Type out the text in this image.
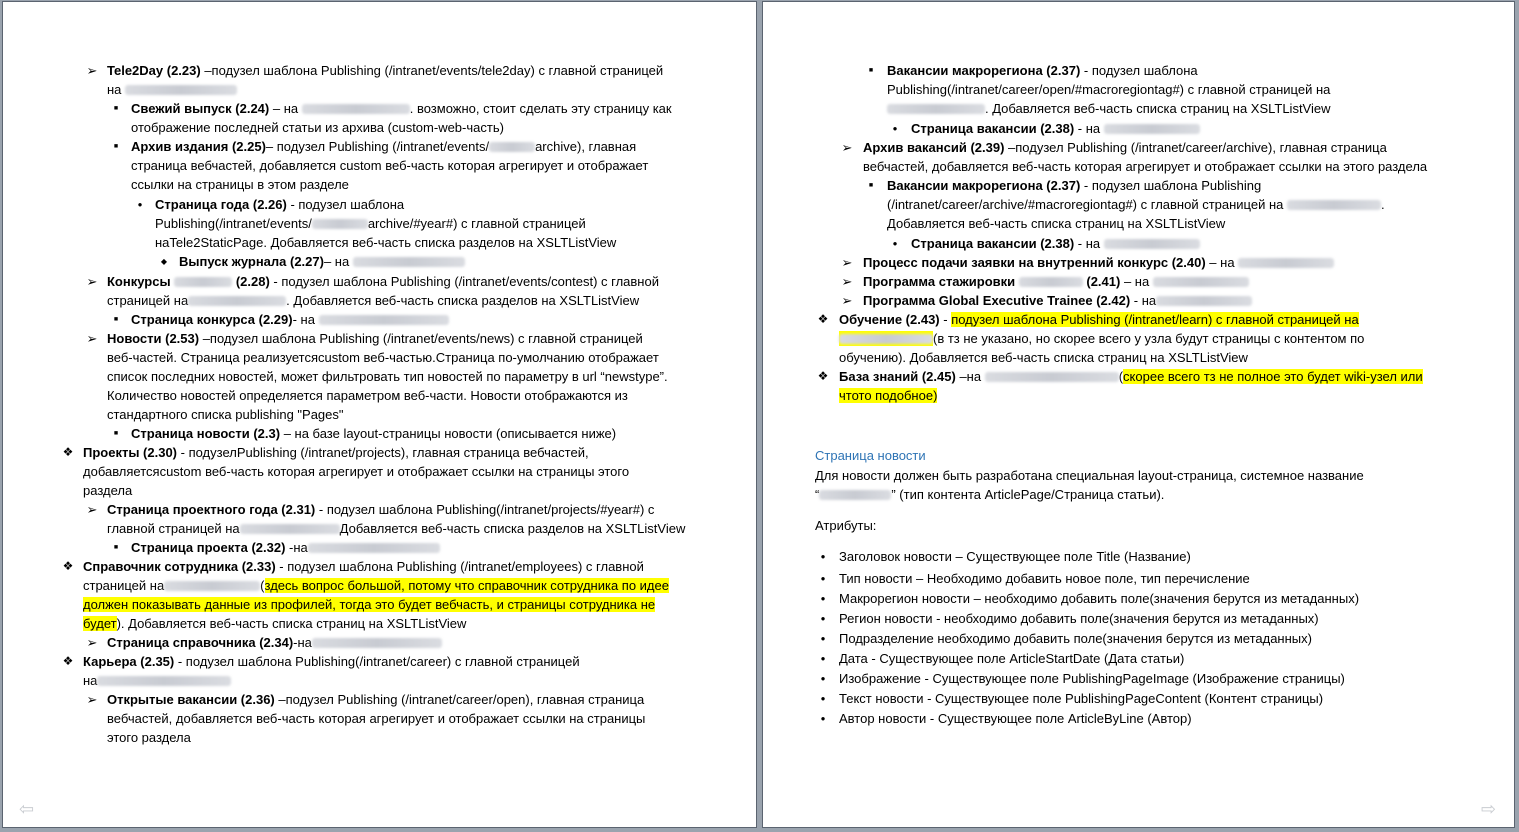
➢
Tele2Day (2.23) –подузел шаблона Publishing (/intranet/events/tele2day) с главной страницей
на
■
Свежий выпуск (2.24) – на	. возможно, стоит сделать эту страницу как
отображение последней статьи из архива (custom-web-часть)
■
Архив издания (2.25)– подузел Publishing (/intranet/events/	archive), главная
страница вебчастей, добавляется custom веб-часть которая агрегирует и отображает
ссылки на страницы в этом разделе
●
Страница года (2.26) - подузел шаблона
Publishing(/intranet/events/	archive/#year#) с главной страницей
наTele2StaticPage. Добавляется веб-часть списка разделов на XSLTListView
◆
Выпуск журнала (2.27)– на
➢
Конкурсы	(2.28) - подузел шаблона Publishing (/intranet/events/contest) с главной
страницей на	. Добавляется веб-часть списка разделов на XSLTListView
■
Страница конкурса (2.29)- на
➢
Новости (2.53) –подузел шаблона Publishing (/intranet/events/news) с главной страницей
веб-частей. Страница реализуетсяcustom веб-частью.Страница по-умолчанию отображает
список последних новостей, может фильтровать тип новостей по параметру в url “newstype”.
Количество новостей определяется параметром веб-части. Новости отображаются из
стандартного списка publishing "Pages"
■
Страница новости (2.3) – на базе layout-страницы новости (описывается ниже)
❖
Проекты (2.30) - подузелPublishing (/intranet/projects), главная страница вебчастей,
добавляетсяcustom веб-часть которая агрегирует и отображает ссылки на страницы этого
раздела
➢
Страница проектного года (2.31) - подузел шаблона Publishing(/intranet/projects/#year#) с
главной страницей на	Добавляется веб-часть списка разделов на XSLTListView
■
Страница проекта (2.32) -на
❖
Справочник сотрудника (2.33) - подузел шаблона Publishing (/intranet/employees) с главной
страницей на	(здесь вопрос большой, потому что справочник сотрудника по идее
должен показывать данные из профилей, тогда это будет вебчасть, и страницы сотрудника не
будет). Добавляется веб-часть списка страниц на XSLTListView
➢
Страница справочника (2.34)-на
❖
Карьера (2.35) - подузел шаблона Publishing(/intranet/career) с главной страницей
на
➢
Открытые вакансии (2.36) –подузел Publishing (/intranet/career/open), главная страница
вебчастей, добавляется веб-часть которая агрегирует и отображает ссылки на страницы
этого раздела
⇦
■
Вакансии макрорегиона (2.37) - подузел шаблона
Publishing(/intranet/career/open/#macroregiontag#) с главной страницей на
. Добавляется веб-часть списка страниц на XSLTListView
●
Страница вакансии (2.38) - на
➢
Архив вакансий (2.39) –подузел Publishing (/intranet/career/archive), главная страница
вебчастей, добавляется веб-часть которая агрегирует и отображает ссылки на этого раздела
■
Вакансии макрорегиона (2.37) - подузел шаблона Publishing
(/intranet/career/archive/#macroregiontag#) с главной страницей на	.
Добавляется веб-часть списка страниц на XSLTListView
●
Страница вакансии (2.38) - на
➢
Процесс подачи заявки на внутренний конкурс (2.40) – на
➢
Программа стажировки	(2.41) – на
➢
Программа Global Executive Trainee (2.42) - на
❖
Обучение (2.43) - подузел шаблона Publishing (/intranet/learn) с главной страницей на
(в тз не указано, но скорее всего у узла будут страницы с контентом по
обучению). Добавляется веб-часть списка страниц на XSLTListView
❖
База знаний (2.45) –на	(скорее всего тз не полное это будет wiki-узел или
чтото подобное)
Страница новости
Для новости должен быть разработана специальная layout-страница, системное название
“	” (тип контента ArticlePage/Страница статьи).
Атрибуты:
●
Заголовок новости – Существующее поле Title (Название)
●
Тип новости – Необходимо добавить новое поле, тип перечисление
●
Макрорегион новости – необходимо добавить поле(значения берутся из метаданных)
●
Регион новости - необходимо добавить поле(значения берутся из метаданных)
●
Подразделение необходимо добавить поле(значения берутся из метаданных)
●
Дата - Существующее поле ArticleStartDate (Дата статьи)
●
Изображение - Существующее поле PublishingPageImage (Изображение страницы)
●
Текст новости - Существующее поле PublishingPageContent (Контент страницы)
●
Автор новости - Существующее поле ArticleByLine (Автор)
⇨
